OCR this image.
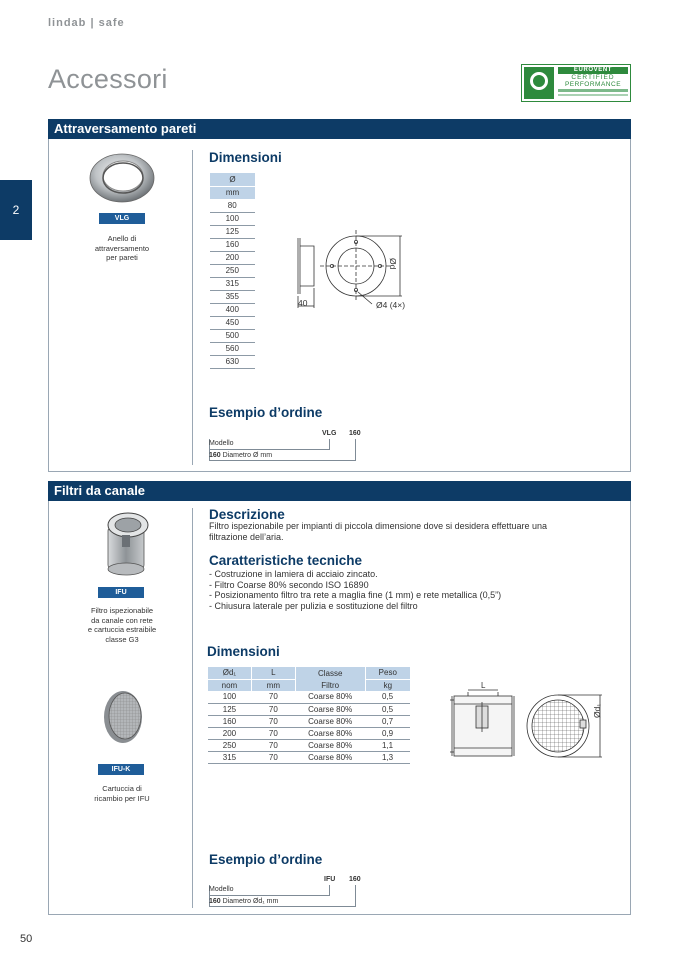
lindab | safe
Accessori	EUROVENT
CERTIFIED
PERFORMANCE
2
Attraversamento pareti
VLG
Anello di
attraversamento
per pareti
Dimensioni
Ø
mm
80
100
125
160
200
250
315
355
400
450
500
560
630
40
Ød
Ø4 (4×)
Esempio d’ordine
VLG 160
Modello
160 Diametro Ø mm
Filtri da canale
IFU
Filtro ispezionabile
da canale con rete
e cartuccia estraibile
classe G3
IFU-K
Cartuccia di
ricambio per IFU
Descrizione
Filtro ispezionabile per impianti di piccola dimensione dove si desidera effettuare una
filtrazione dell’aria.
Caratteristiche tecniche
- Costruzione in lamiera di acciaio zincato.
- Filtro Coarse 80% secondo ISO 16890
- Posizionamento filtro tra rete a maglia fine (1 mm) e rete metallica (0,5”)
- Chiusura laterale per pulizia e sostituzione del filtro
Dimensioni
Ød₁	L	Classe	Peso
nom	mm	Filtro	kg
100	70	Coarse 80%	0,5
125	70	Coarse 80%	0,5
160	70	Coarse 80%	0,7
200	70	Coarse 80%	0,9
250	70	Coarse 80%	1,1
315	70	Coarse 80%	1,3
L
Ød₁
Esempio d’ordine
IFU 160
Modello
160 Diametro Ød₁ mm
50
